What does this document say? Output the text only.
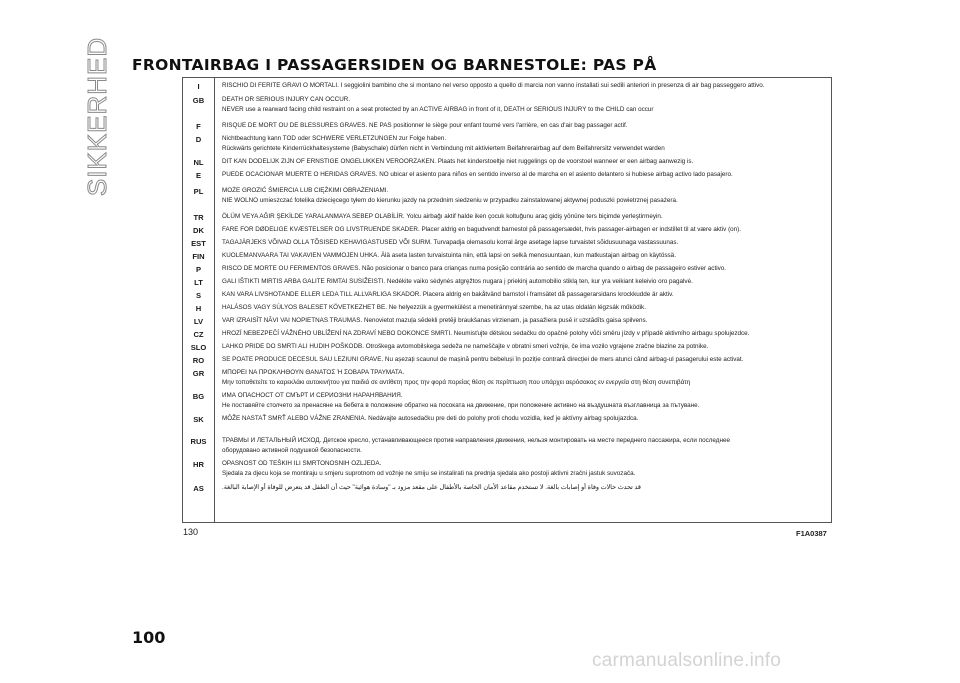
SIKKERHED FRONTAIRBAG I PASSAGERSIDEN OG BARNESTOLE: PAS PÅ
I	RISCHIO DI FERITE GRAVI O MORTALI. I seggiolini bambino che si montano nel verso opposto a quello di marcia non vanno installati sui sedili anteriori in presenza di air bag passeggero attivo.
GB	DEATH OR SERIOUS INJURY CAN OCCUR.
NEVER use a rearward facing child restraint on a seat protected by an ACTIVE AIRBAG in front of it, DEATH or SERIOUS INJURY to the CHILD can occur
F	RISQUE DE MORT OU DE BLESSURES GRAVES. NE PAS positionner le siège pour enfant tourné vers l'arrière, en cas d'air bag passager actif.
D	Nichtbeachtung kann TOD oder SCHWERE VERLETZUNGEN zur Folge haben.
Rückwärts gerichtete Kinderrückhaltesysteme (Babyschale) dürfen nicht in Verbindung mit aktiviertem Beifahrerairbag auf dem Beifahrersitz verwendet warden
NL	DIT KAN DODELIJK ZIJN OF ERNSTIGE ONGELUKKEN VEROORZAKEN. Plaats het kinderstoeltje niet ruggelings op de voorstoel wanneer er een airbag aanwezig is.
E	PUEDE OCACIONAR MUERTE O HERIDAS GRAVES. NO ubicar el asiento para niños en sentido inverso al de marcha en el asiento delantero si hubiese airbag activo lado pasajero.
PL	MOŻE GROZIĆ ŚMIERCIA LUB CIĘŻKIMI OBRAŻENIAMI.
NIE WOLNO umieszczać fotelika dziecięcego tyłem do kierunku jazdy na przednim siedzeniu w przypadku zainstalowanej aktywnej poduszki powietrznej pasażera.
TR	ÖLÜM VEYA AĞIR ŞEKİLDE YARALANMAYA SEBEP OLABİLİR. Yolcu airbağı aktif halde iken çocuk koltuğunu araç gidiş yönüne ters biçimde yerleştirmeyin.
DK	FARE FOR DØDELIGE KVÆSTELSER OG LIVSTRUENDE SKADER. Placer aldrig en bagudvendt barnestol på passagersædet, hvis passager-airbagen er indstillet til at være aktiv (on).
EST	TAGAJÄRJEKS VÕIVAD OLLA TÕSISED KEHAVIGASTUSED VÕI SURM. Turvapadja olemasolu korral ärge asetage lapse turvaistet sõidusuunaga vastassuunas.
FIN	KUOLEMANVAARA TAI VAKAVIEN VAMMOJEN UHKA. Älä aseta lasten turvaistuinta niin, että lapsi on selkä menosuuntaan, kun matkustajan airbag on käytössä.
P	RISCO DE MORTE OU FERIMENTOS GRAVES. Não posicionar o banco para crianças numa posição contrária ao sentido de marcha quando o airbag de passageiro estiver activo.
LT	GALI IŠTIKTI MIRTIS ARBA GALITE RIMTAI SUSIŽEISTI. Nedėkite vaiko sėdynės atgręžtos nugara į priekinį automobilio stiklą ten, kur yra veikiant keleivio oro pagalvė.
S	KAN VARA LIVSHOTANDE ELLER LEDA TILL ALLVARLIGA SKADOR. Placera aldrig en bakåtvänd barnstol i framsätet då passagerarsidans krockkudde är aktiv.
H	HALÁSOS VAGY SÚLYOS BALESET KÖVETKEZHET BE. Ne helyezzük a gyermekülést a menetiránnyal szembe, ha az utas oldalán légzsák működik.
LV	VAR IZRAISĪT NĀVI VAI NOPIETNAS TRAUMAS. Nenovietot mazuļa sēdekli pretēji braukšanas virzienam, ja pasažiera pusē ir uzstādīts gaisa spilvens.
CZ	HROZÍ NEBEZPEČÍ VÁŽNÉHO UBLÍŽENÍ NA ZDRAVÍ NEBO DOKONCE SMRTI. Neumisťujte dětskou sedačku do opačné polohy vůči směru jízdy v případě aktivního airbagu spolujezdce.
SLO	LAHKO PRIDE DO SMRTI ALI HUDIH POŠKODB. Otroškega avtomobilskega sedeža ne nameščajte v obratni smeri vožnje, če ima vozilo vgrajene zračne blazine za potnike.
RO	SE POATE PRODUCE DECESUL SAU LEZIUNI GRAVE. Nu așezați scaunul de mașină pentru bebeluși în poziție contrară direcției de mers atunci când airbag-ul pasagerului este activat.
GR	ΜΠΟΡΕΙ ΝΑ ΠΡΟΚΛΗΘΟΥΝ ΘΑΝΑΤΟΣ Ή ΣΟΒΑΡΑ ΤΡΑΥΜΑΤΑ.
Μην τοποθετείτε το καρεκλάκι αυτοκινήτου για παιδιά σε αντίθετη προς την φορά πορείας θέση σε περίπτωση που υπάρχει αερόσακος εν ενεργεία στη θέση συνεπιβάτη
BG	ИМА ОПАСНОСТ ОТ СМЪРТ И СЕРИОЗНИ НАРАНЯВАНИЯ.
Не поставяйте столчето за пренасяне на бебета в положение обратно на посоката на движение, при положение активно на въздушната възглавница за пътуване.
SK	MÔŽE NASTAŤ SMRŤ ALEBO VÁŽNE ZRANENIA. Nedávajte autosedačku pre deti do polohy proti chodu vozidla, keď je aktívny airbag spolujazdca.
RUS	ТРАВМЫ И ЛЕТАЛЬНЫЙ ИСХОД. Детское кресло, устанавливающееся против направления движения, нельзя монтировать на месте переднего пассажира, если последнее
оборудовано активной подушкой безопасности.
HR	OPASNOST OD TEŠKIH ILI SMRTONOSNIH OZLJEDA.
Sjedala za djecu koja se montiraju u smjeru suprotnom od vožnje ne smiju se instalirati na prednja sjedala ako postoji aktivni zračni jastuk suvozača.
AS	قد تحدث حالات وفاة أو إصابات بالغة. لا تستخدم مقاعد الأمان الخاصة بالأطفال على مقعد مزود بـ "وسادة هوائية" حيث أن الطفل قد يتعرض للوفاة أو الإصابة البالغة.
130	F1A0387
100
carmanualsonline.info
